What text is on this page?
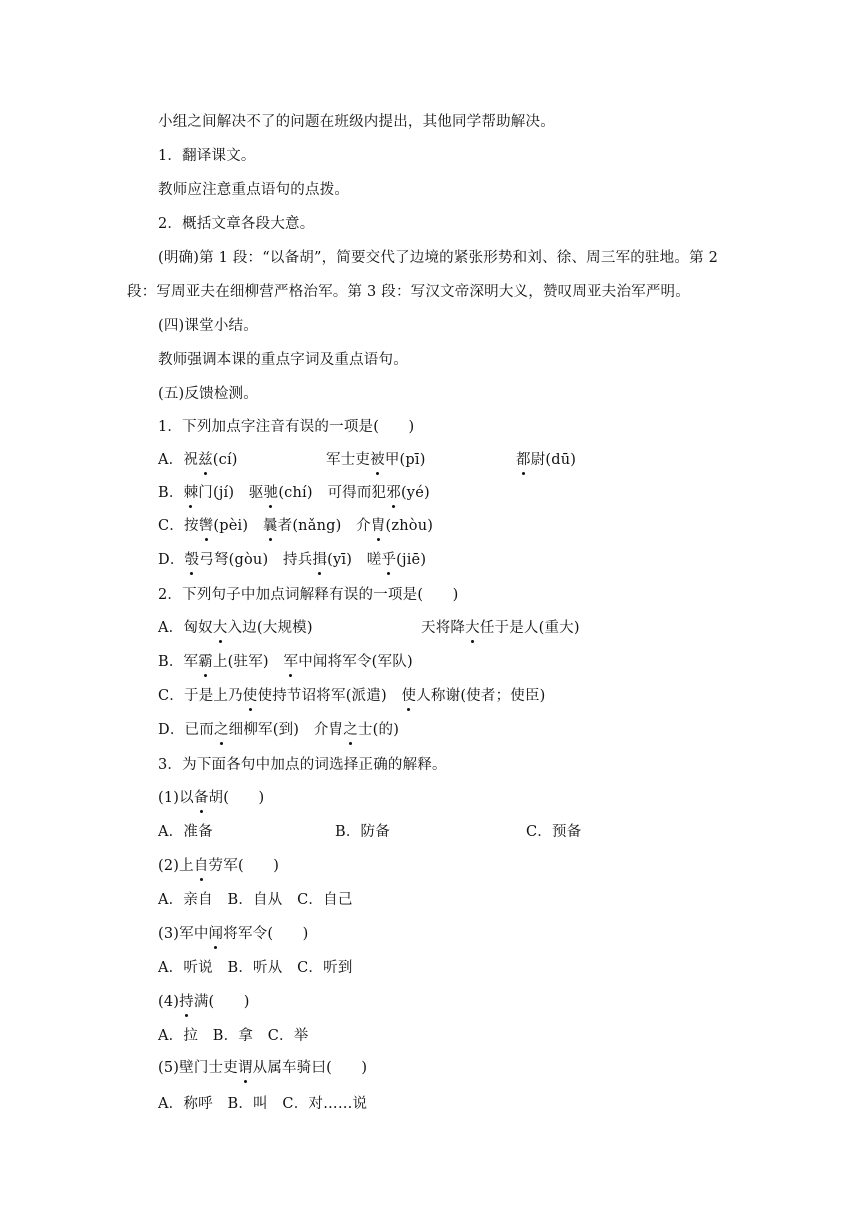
小组之间解决不了的问题在班级内提出，其他同学帮助解决。
1．翻译课文。
教师应注意重点语句的点拨。
2．概括文章各段大意。
(明确)第 1 段：“以备胡”，简要交代了边境的紧张形势和刘、徐、周三军的驻地。第 2
段：写周亚夫在细柳营严格治军。第 3 段：写汉文帝深明大义，赞叹周亚夫治军严明。
(四)课堂小结。
教师强调本课的重点字词及重点语句。
(五)反馈检测。
1．下列加点字注音有误的一项是(　　)
A．祝兹(cí)	军士吏被甲(pī)	都尉(dū)
B．棘门(jí)　驱驰(chí)　可得而犯邪(yé)
C．按辔(pèi)　曩者(nǎng)　介胄(zhòu)
D．彀弓弩(gòu)　持兵揖(yī)　嗟乎(jiē)
2．下列句子中加点词解释有误的一项是(　　)
A．匈奴大入边(大规模)	天将降大任于是人(重大)
B．军霸上(驻军)　军中闻将军令(军队)
C．于是上乃使使持节诏将军(派遣)　使人称谢(使者；使臣)
D．已而之细柳军(到)　介胄之士(的)
3．为下面各句中加点的词选择正确的解释。
(1)以备胡(　　)
A．准备	B．防备	C．预备
(2)上自劳军(　　)
A．亲自　B．自从　C．自己
(3)军中闻将军令(　　)
A．听说　B．听从　C．听到
(4)持满(　　)
A．拉　B．拿　C．举
(5)壁门士吏谓从属车骑曰(　　)
A．称呼　B．叫　C．对……说
